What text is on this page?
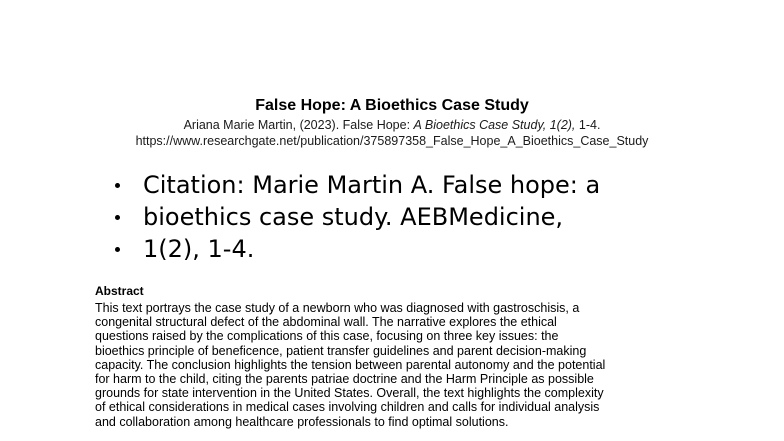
False Hope: A Bioethics Case Study
Ariana Marie Martin, (2023). False Hope: A Bioethics Case Study, 1(2), 1-4.
https://www.researchgate.net/publication/375897358_False_Hope_A_Bioethics_Case_Study
Citation: Marie Martin A. False hope: a
bioethics case study. AEBMedicine,
1(2), 1-4.
Abstract

This text portrays the case study of a newborn who was diagnosed with gastroschisis, a
congenital structural defect of the abdominal wall. The narrative explores the ethical
questions raised by the complications of this case, focusing on three key issues: the
bioethics principle of beneficence, patient transfer guidelines and parent decision-making
capacity. The conclusion highlights the tension between parental autonomy and the potential
for harm to the child, citing the parents patriae doctrine and the Harm Principle as possible
grounds for state intervention in the United States. Overall, the text highlights the complexity
of ethical considerations in medical cases involving children and calls for individual analysis
and collaboration among healthcare professionals to find optimal solutions.
